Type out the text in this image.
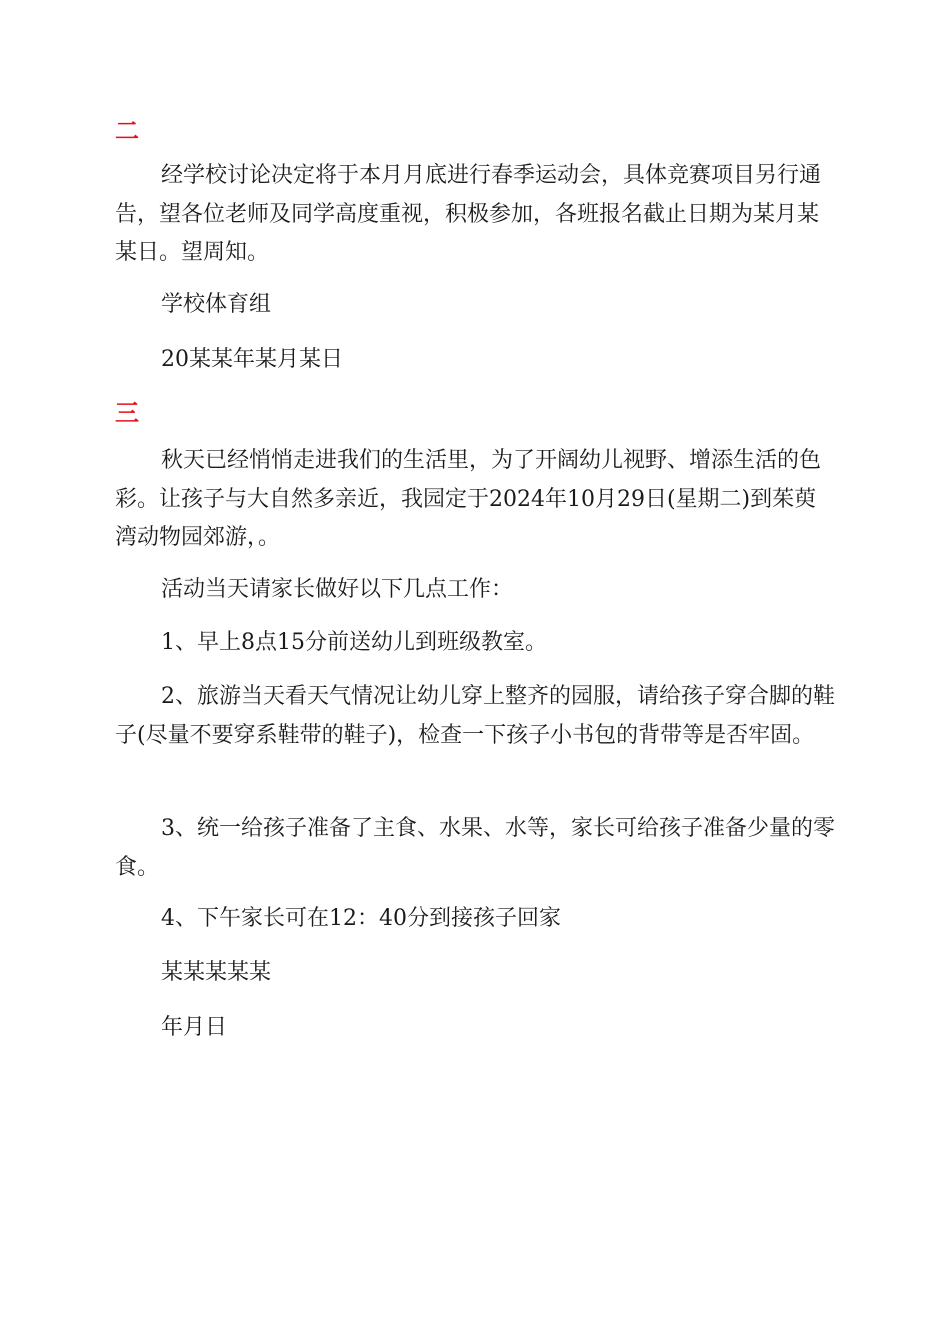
二

经学校讨论决定将于本月月底进行春季运动会，具体竞赛项目另行通告，望各位老师及同学高度重视，积极参加，各班报名截止日期为某月某某日。望周知。

学校体育组
20某某年某月某日
三

秋天已经悄悄走进我们的生活里，为了开阔幼儿视野、增添生活的色彩。让孩子与大自然多亲近，我园定于2024年10月29日(星期二)到茱萸湾动物园郊游，。

活动当天请家长做好以下几点工作：
1、早上8点15分前送幼儿到班级教室。

2、旅游当天看天气情况让幼儿穿上整齐的园服，请给孩子穿合脚的鞋子(尽量不要穿系鞋带的鞋子)，检查一下孩子小书包的背带等是否牢固。

3、统一给孩子准备了主食、水果、水等，家长可给孩子准备少量的零食。

4、下午家长可在12：40分到接孩子回家
某某某某某
年月日
